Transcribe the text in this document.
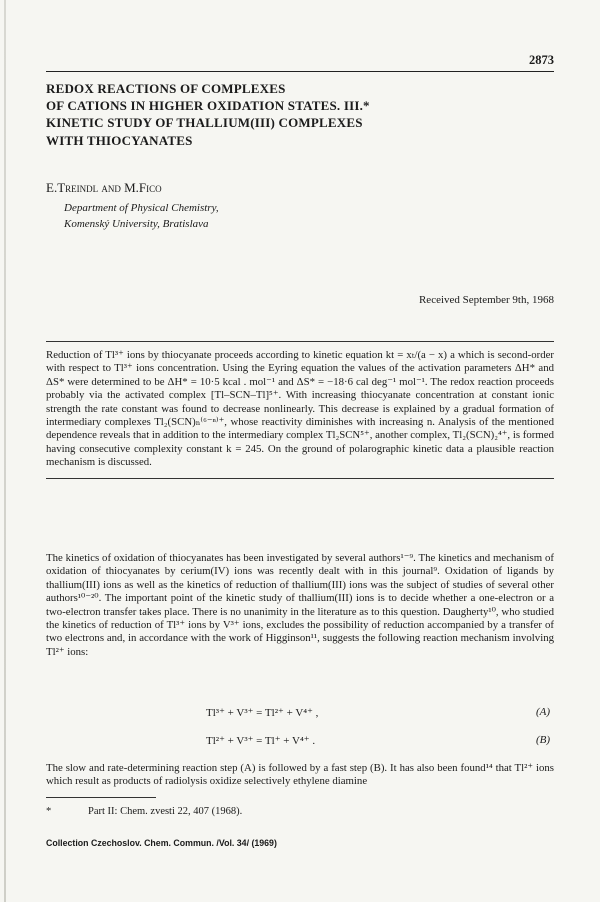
2873
REDOX REACTIONS OF COMPLEXES
OF CATIONS IN HIGHER OXIDATION STATES. III.*
KINETIC STUDY OF THALLIUM(III) COMPLEXES
WITH THIOCYANATES
E.Treindl and M.Fico
Department of Physical Chemistry,
Komenský University, Bratislava
Received September 9th, 1968

Reduction of Tl³⁺ ions by thiocyanate proceeds according to kinetic equation kt = xₜ/(a − x) a which is second-order with respect to Tl³⁺ ions concentration. Using the Eyring equation the values of the activation parameters ΔH* and ΔS* were determined to be ΔH* = 10·5 kcal . mol⁻¹ and ΔS* = −18·6 cal deg⁻¹ mol⁻¹. The redox reaction proceeds probably via the activated complex [Tl–SCN–Tl]⁵⁺. With increasing thiocyanate concentration at constant ionic strength the rate constant was found to decrease nonlinearly. This decrease is explained by a gradual formation of intermediary complexes Tl₂(SCN)ₙ⁽⁶⁻ⁿ⁾⁺, whose reactivity diminishes with increasing n. Analysis of the mentioned dependence reveals that in addition to the intermediary complex Tl₂SCN⁵⁺, another complex, Tl₂(SCN)₂⁴⁺, is formed having consecutive complexity constant k = 245. On the ground of polarographic kinetic data a plausible reaction mechanism is discussed.

The kinetics of oxidation of thiocyanates has been investigated by several authors¹⁻⁹. The kinetics and mechanism of oxidation of thiocyanates by cerium(IV) ions was recently dealt with in this journal⁹. Oxidation of ligands by thallium(III) ions as well as the kinetics of reduction of thallium(III) ions was the subject of studies of several other authors¹⁰⁻²⁰. The important point of the kinetic study of thallium(III) ions is to decide whether a one-electron or a two-electron transfer takes place. There is no unanimity in the literature as to this question. Daugherty¹⁰, who studied the kinetics of reduction of Tl³⁺ ions by V³⁺ ions, excludes the possibility of reduction accompanied by a transfer of two electrons and, in accordance with the work of Higginson¹¹, suggests the following reaction mechanism involving Tl²⁺ ions:

Tl³⁺ + V³⁺ = Tl²⁺ + V⁴⁺ ,	(A)
Tl²⁺ + V³⁺ = Tl⁺ + V⁴⁺ .	(B)

The slow and rate-determining reaction step (A) is followed by a fast step (B). It has also been found¹⁴ that Tl²⁺ ions which result as products of radiolysis oxidize selectively ethylene diamine

*	Part II: Chem. zvesti 22, 407 (1968).
Collection Czechoslov. Chem. Commun. /Vol. 34/ (1969)
